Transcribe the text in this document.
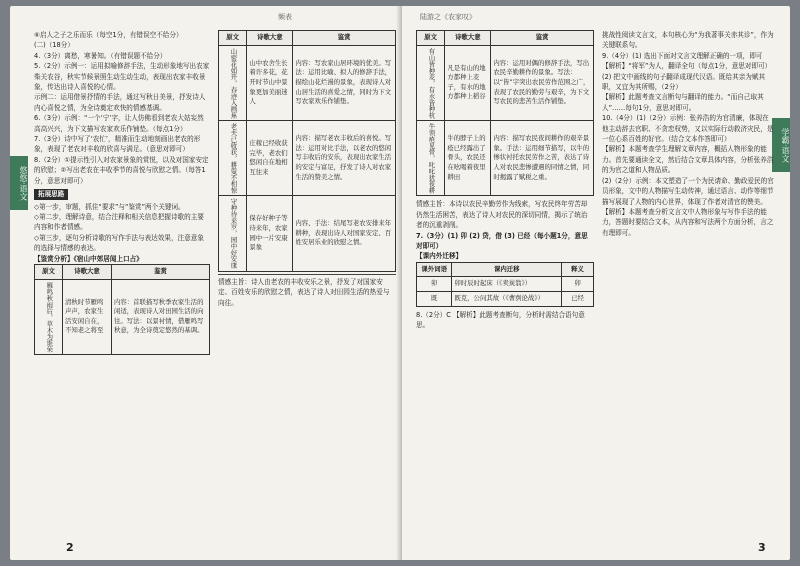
悠悠·语文

⑥启人之子之乐而乐（每空1分，有错误空不给分）

(二)（18分）

4.（3分）离愁，寒暑知。（有错误题不给分）

5.（2分）示例一：运用拟喻修辞手法，生动形象地写出农家柴关农谷，秋实节候景照生动生动生动，表现出农家丰收景象，传达出诗人喜悦的心情。

示例二：运用借景抒情的手法，通过写秋日美景，抒发诗人内心喜悦之情，为全诗奠定欢快的情感基调。

6.（3分）示例：“一个‘宁’字，让人仿佛看到老农大姑妄然高高兴兴，为下文描写农家欢乐作铺垫。（每点1分）

7.（3分）诗中写了‘农忙’，精准而生动地刻画出老农的形象，表现了老农对丰收的欣喜与满足。（意思对即可）

8.（2分）①提示性引入对农家景象的赏悦，以及对国家安定的欣慰；②写出老农在丰收季节的喜悦与欣慰之情。（每答1分，意思对即可）

拓展思路

◇第一步，审题，抓住“要求”与“鉴赏”两个关键词。

◇第二步，理解诗意，结合注释和相关信息把握诗歌的主要内容和作者情感。

◇第三步，逐句分析诗歌的写作手法与表达效果，注意意象的选择与情感的表达。

【鉴赏分析】《宿山中郊居闻上口占》

原文	诗歌大意	鉴赏

雁鸣秋雨后，草木为谁荣	清秋时节雁鸣声声，农家生活安闲自在，不知老之将至	内容：首联描写秋季农家生活的闲适，表现诗人对田园生活的向往。写法：以景衬情，借雁鸣写秋意，为全诗奠定悠然的基调。
频表
原文	诗歌大意	鉴赏

山密花如开，春迹入画蕉	山中农舍生长着许多花，花开时节山中景象更加美丽迷人	内容：写农家山居环境的优美。写法：运用比喻、拟人的修辞手法，描绘山花烂漫的景象，表现诗人对山居生活的喜爱之情，同时为下文写农家欢乐作铺垫。

老夫已收获，耕叟不相惊	庄稼已经收获完毕，老农们悠闲自在地相互往来	内容：描写老农丰收后的喜悦。写法：运用对比手法，以老农的悠闲写丰收后的安乐，表现出农家生活的安定与富足，抒发了诗人对农家生活的赞美之情。

守种待来岁，园中好安康	保存好种子等待来年，农家园中一片安康景象	内容、手法：结尾写老农安排来年耕种，表现出诗人对国家安定、百姓安居乐业的欣慰之情。

情感主旨：诗人由老农的丰收安乐之景，抒发了对国家安定、百姓安乐的欣慰之情，表达了诗人对田园生活的热爱与向往。

2
学霸·语文
陆游之《农家叹》
原文	诗歌大意	鉴赏

有山皆种麦，有水皆种杭	凡是有山的地方都种上麦子，有水的地方都种上稻谷	内容：运用对偶的修辞手法，写出农民辛勤耕作的景象。写法：以“皆”字突出农民劳作范围之广，表现了农民的勤劳与艰辛，为下文写农民的悲苦生活作铺垫。

牛领疮见骨，叱叱犹夜耕	牛的脖子上的疮已经露出了骨头，农民还在吆喝着夜里耕田	内容：描写农民夜间耕作的艰辛景象。手法：运用细节描写，以牛的惨状衬托农民劳作之苦，表达了诗人对农民悲惨遭遇的同情之情，同时揭露了赋税之重。

情感主旨：本诗以农民辛勤劳作为线索，写农民终年劳苦却仍然生活困苦，表达了诗人对农民的深切同情，揭示了统治者的沉重剥削。

7.（3分）(1) 卯 (2) 贷，借 (3) 已经（每小题1分，意思对即可）

【课内外迁移】

课外词语	课内迁移	释义
卯	卯时辰时起床（《卖炭翁》）	卯
既	既克，公问其故（《曹刿论战》）	已经

8.（2分）C 【解析】此题考查断句，分析时需结合语句意思。

挑战性阅读文言文，本句核心为“为我著事关赤其诊”，作为关键联系句。

9.（4分）(1) 选出下面对文言文理解正确的一项，即可【解析】“将军”为人，翻译全句（每点1分，意思对即可）

(2) 把文中画线的句子翻译成现代汉语。既给其亲为赋其职，又宜为其所赐，（2分）

【解析】此题考查文言断句与翻译的能力。“而自己取其人”……每句1分，意思对即可。

10.（4分）(1)（2分）示例：张养浩的为官清廉，体现在他主动辞去官职、不贪恋权势，又以实际行动救济灾民，是一位心系百姓的好官。（结合文本作答即可）

【解析】本题考查学生理解文章内容，概括人物形象的能力。首先要通读全文，然后结合文章具体内容，分析张养浩的为官之道和人物品质。

(2)（2分）示例：本文塑造了一个为民请命、勤政爱民的官员形象，文中的人物描写生动传神，通过语言、动作等细节描写展现了人物的内心世界，体现了作者对清官的赞美。

【解析】本题考查分析文言文中人物形象与写作手法的能力，答题时要结合文本，从内容和写法两个方面分析，言之有理即可。

3
